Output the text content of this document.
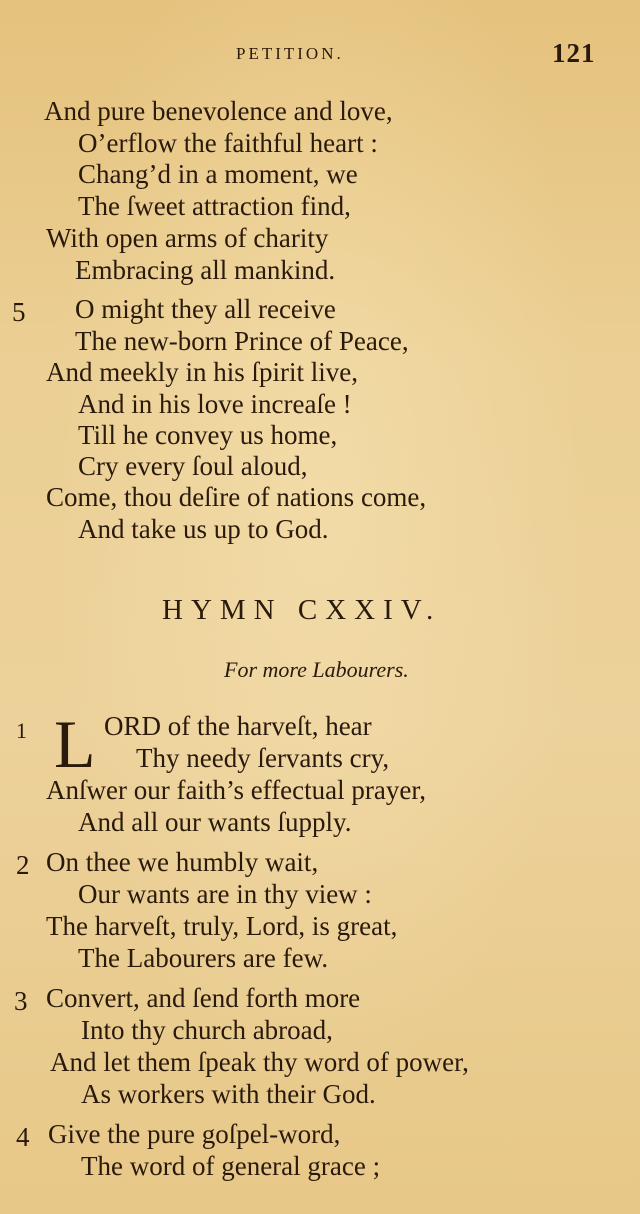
PETITION.	121
And pure benevolence and love,
O’erflow the faithful heart :
Chang’d in a moment, we
The ſweet attraction find,
With open arms of charity
Embracing all mankind.
5 O might they all receive
The new-born Prince of Peace,
And meekly in his ſpirit live,
And in his love increaſe !
Till he convey us home,
Cry every ſoul aloud,
Come, thou deſire of nations come,
And take us up to God.
HYMN CXXIV.
For more Labourers.
1 L ORD of the harveſt, hear
Thy needy ſervants cry,
Anſwer our faith’s effectual prayer,
And all our wants ſupply.
2 On thee we humbly wait,
Our wants are in thy view :
The harveſt, truly, Lord, is great,
The Labourers are few.
3 Convert, and ſend forth more
Into thy church abroad,
And let them ſpeak thy word of power,
As workers with their God.
4 Give the pure goſpel-word,
The word of general grace ;
